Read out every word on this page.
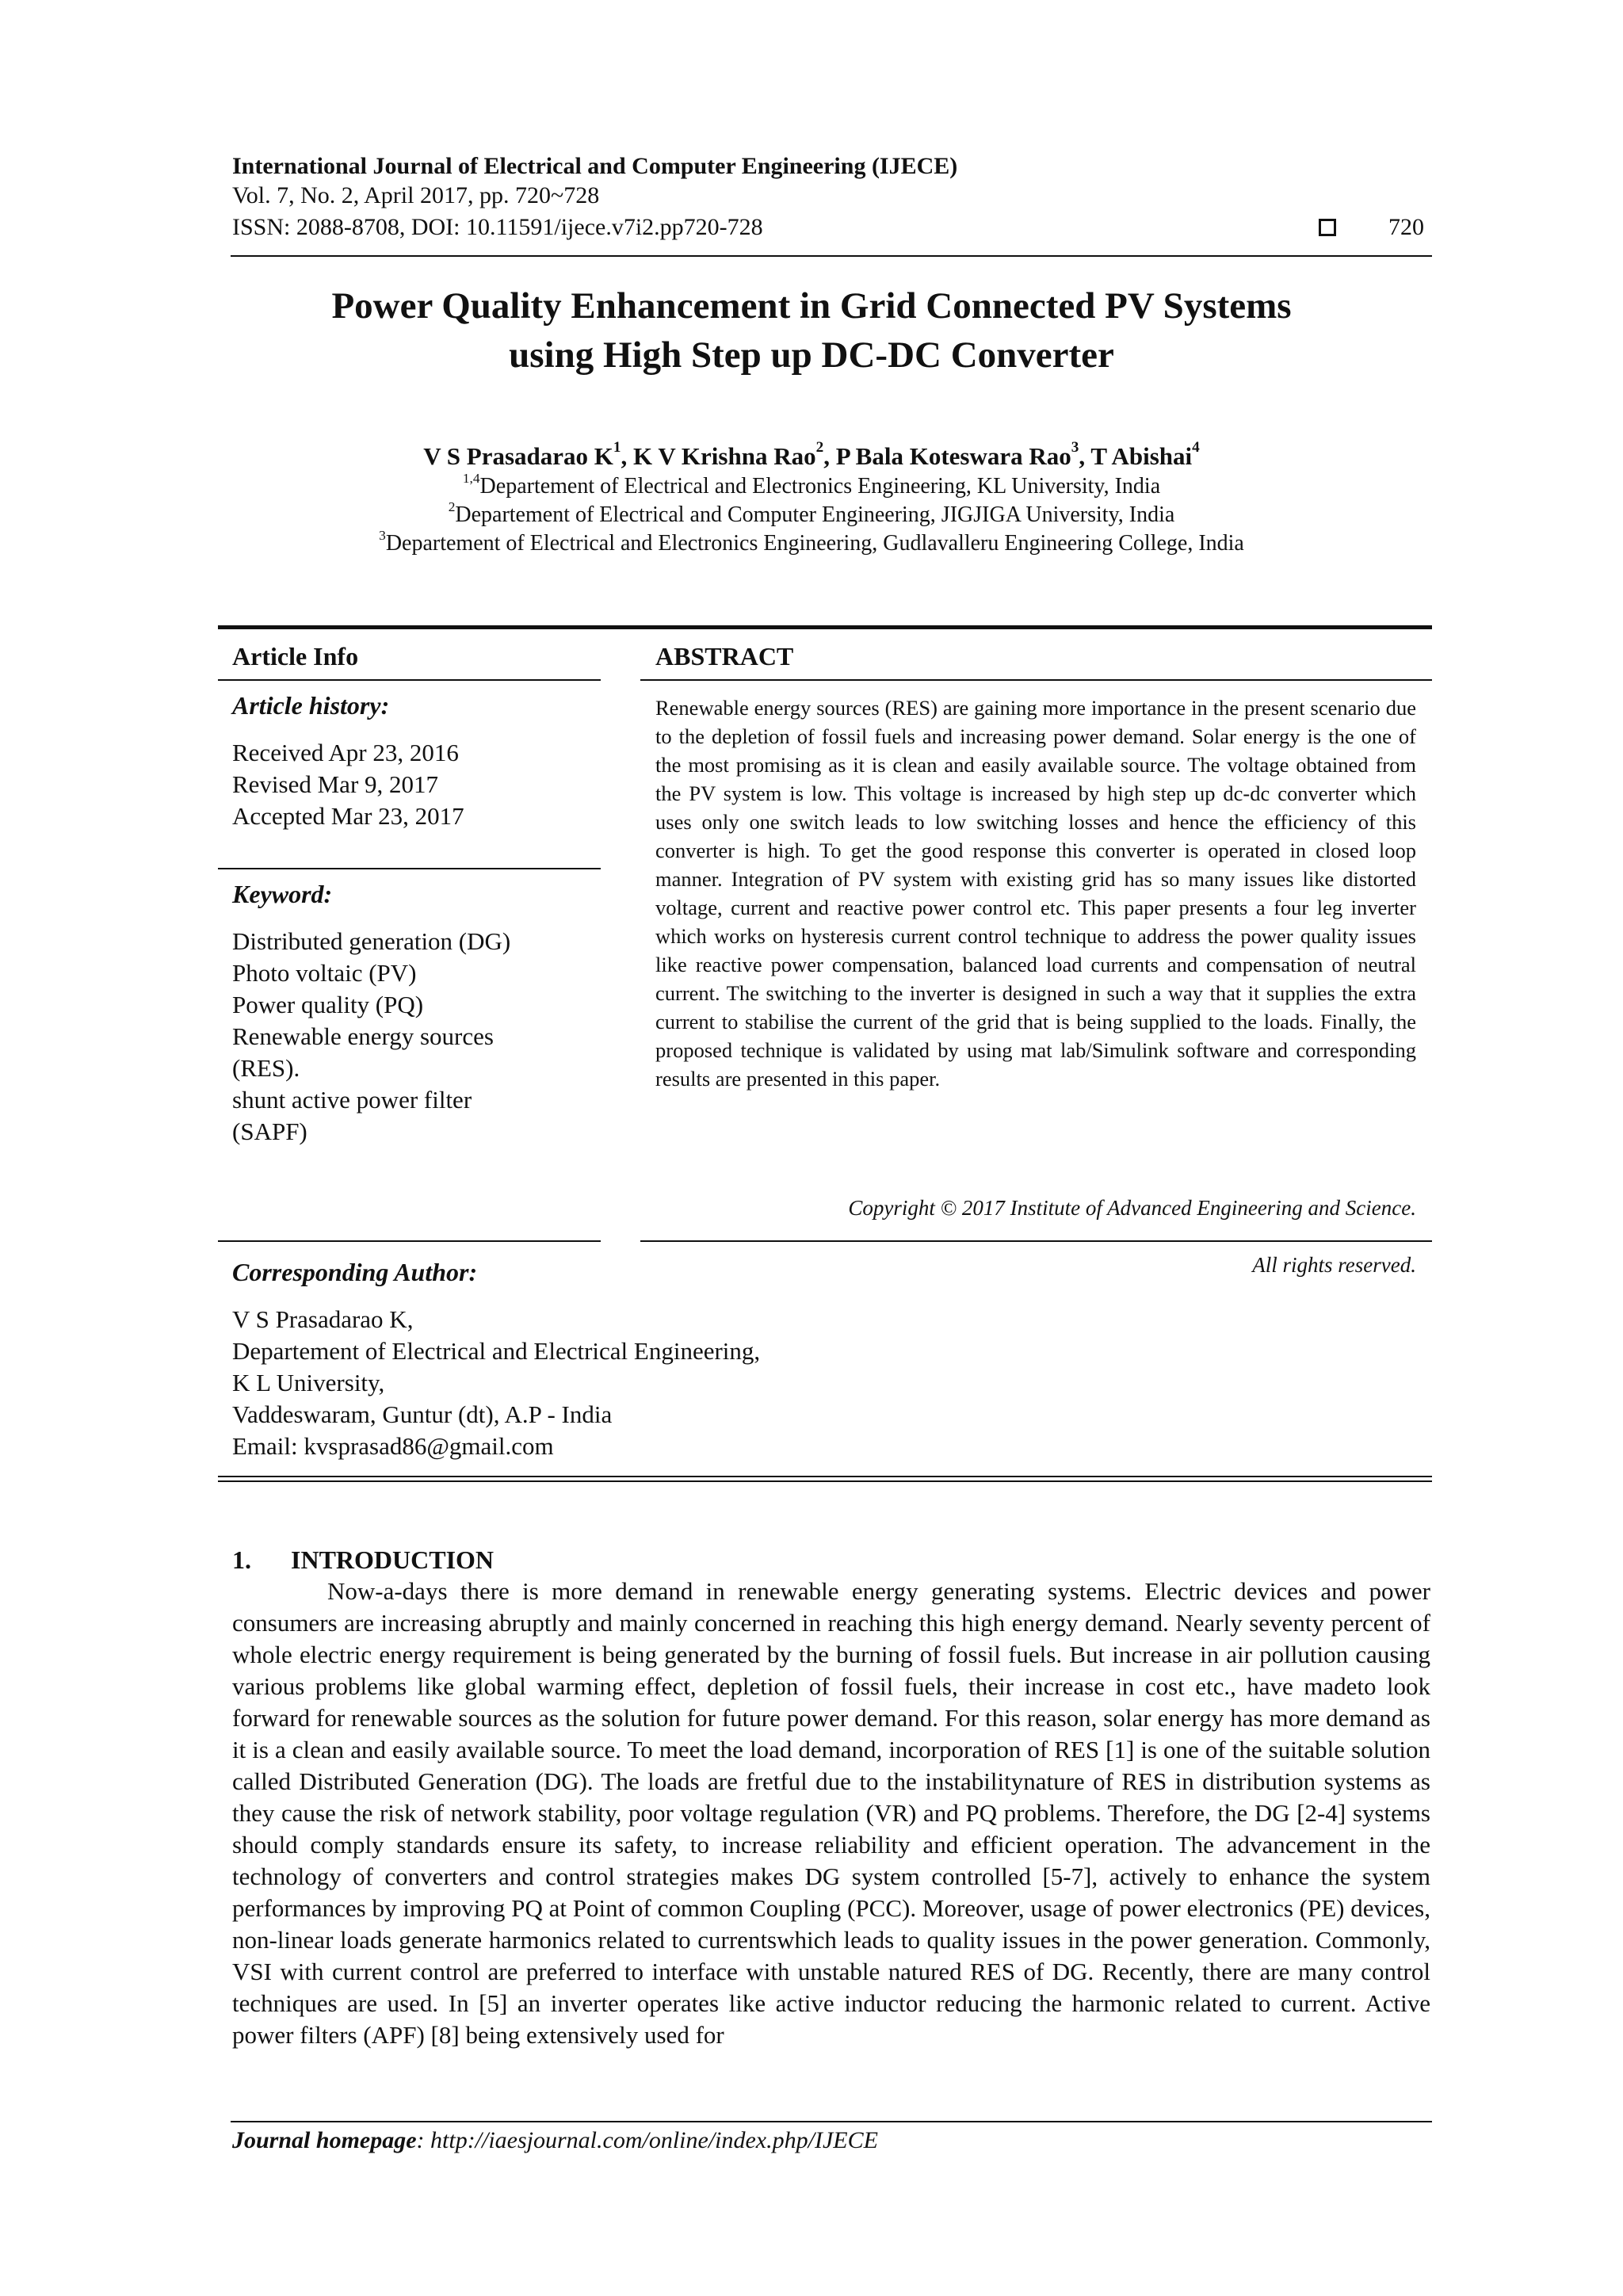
International Journal of Electrical and Computer Engineering (IJECE)
Vol. 7, No. 2, April 2017, pp. 720~728
ISSN: 2088-8708, DOI: 10.11591/ijece.v7i2.pp720-728	720
Power Quality Enhancement in Grid Connected PV Systems
using High Step up DC-DC Converter
V S Prasadarao $K^1$, K V Krishna Rao$^2$, P Bala Koteswara Rao$^3$, T Abishai$^4$
$^{1,4}$Departement of Electrical and Electronics Engineering, KL University, India
$^2$Departement of Electrical and Computer Engineering, JIGJIGA University, India
$^3$Departement of Electrical and Electronics Engineering, Gudlavalleru Engineering College, India
Article Info
Article history:
Received Apr 23, 2016
Revised Mar 9, 2017
Accepted Mar 23, 2017
Keyword:
Distributed generation (DG)
Photo voltaic (PV)
Power quality (PQ)
Renewable energy sources
(RES).
shunt active power filter
(SAPF)
ABSTRACT
Renewable energy sources (RES) are gaining more importance in the present scenario due to the depletion of fossil fuels and increasing power demand. Solar energy is the one of the most promising as it is clean and easily available source. The voltage obtained from the PV system is low. This voltage is increased by high step up dc-dc converter which uses only one switch leads to low switching losses and hence the efficiency of this converter is high. To get the good response this converter is operated in closed loop manner. Integration of PV system with existing grid has so many issues like distorted voltage, current and reactive power control etc. This paper presents a four leg inverter which works on hysteresis current control technique to address the power quality issues like reactive power compensation, balanced load currents and compensation of neutral current. The switching to the inverter is designed in such a way that it supplies the extra current to stabilise the current of the grid that is being supplied to the loads. Finally, the proposed technique is validated by using mat lab/Simulink software and corresponding results are presented in this paper.

Copyright © 2017 Institute of Advanced Engineering and Science.

All rights reserved.

Corresponding Author:
V S Prasadarao K,
Departement of Electrical and Electrical Engineering,
K L University,
Vaddeswaram, Guntur (dt), A.P - India
Email: kvsprasad86@gmail.com
1. INTRODUCTION
Now-a-days there is more demand in renewable energy generating systems. Electric devices and power consumers are increasing abruptly and mainly concerned in reaching this high energy demand. Nearly seventy percent of whole electric energy requirement is being generated by the burning of fossil fuels. But increase in air pollution causing various problems like global warming effect, depletion of fossil fuels, their increase in cost etc., have madeto look forward for renewable sources as the solution for future power demand. For this reason, solar energy has more demand as it is a clean and easily available source. To meet the load demand, incorporation of RES [1] is one of the suitable solution called Distributed Generation (DG). The loads are fretful due to the instabilitynature of RES in distribution systems as they cause the risk of network stability, poor voltage regulation (VR) and PQ problems. Therefore, the DG [2-4] systems should comply standards ensure its safety, to increase reliability and efficient operation. The advancement in the technology of converters and control strategies makes DG system controlled [5-7], actively to enhance the system performances by improving PQ at Point of common Coupling (PCC). Moreover, usage of power electronics (PE) devices, non-linear loads generate harmonics related to currentswhich leads to quality issues in the power generation. Commonly, VSI with current control are preferred to interface with unstable natured RES of DG. Recently, there are many control techniques are used. In [5] an inverter operates like active inductor reducing the harmonic related to current. Active power filters (APF) [8] being extensively used for
Journal homepage: http://iaesjournal.com/online/index.php/IJECE
